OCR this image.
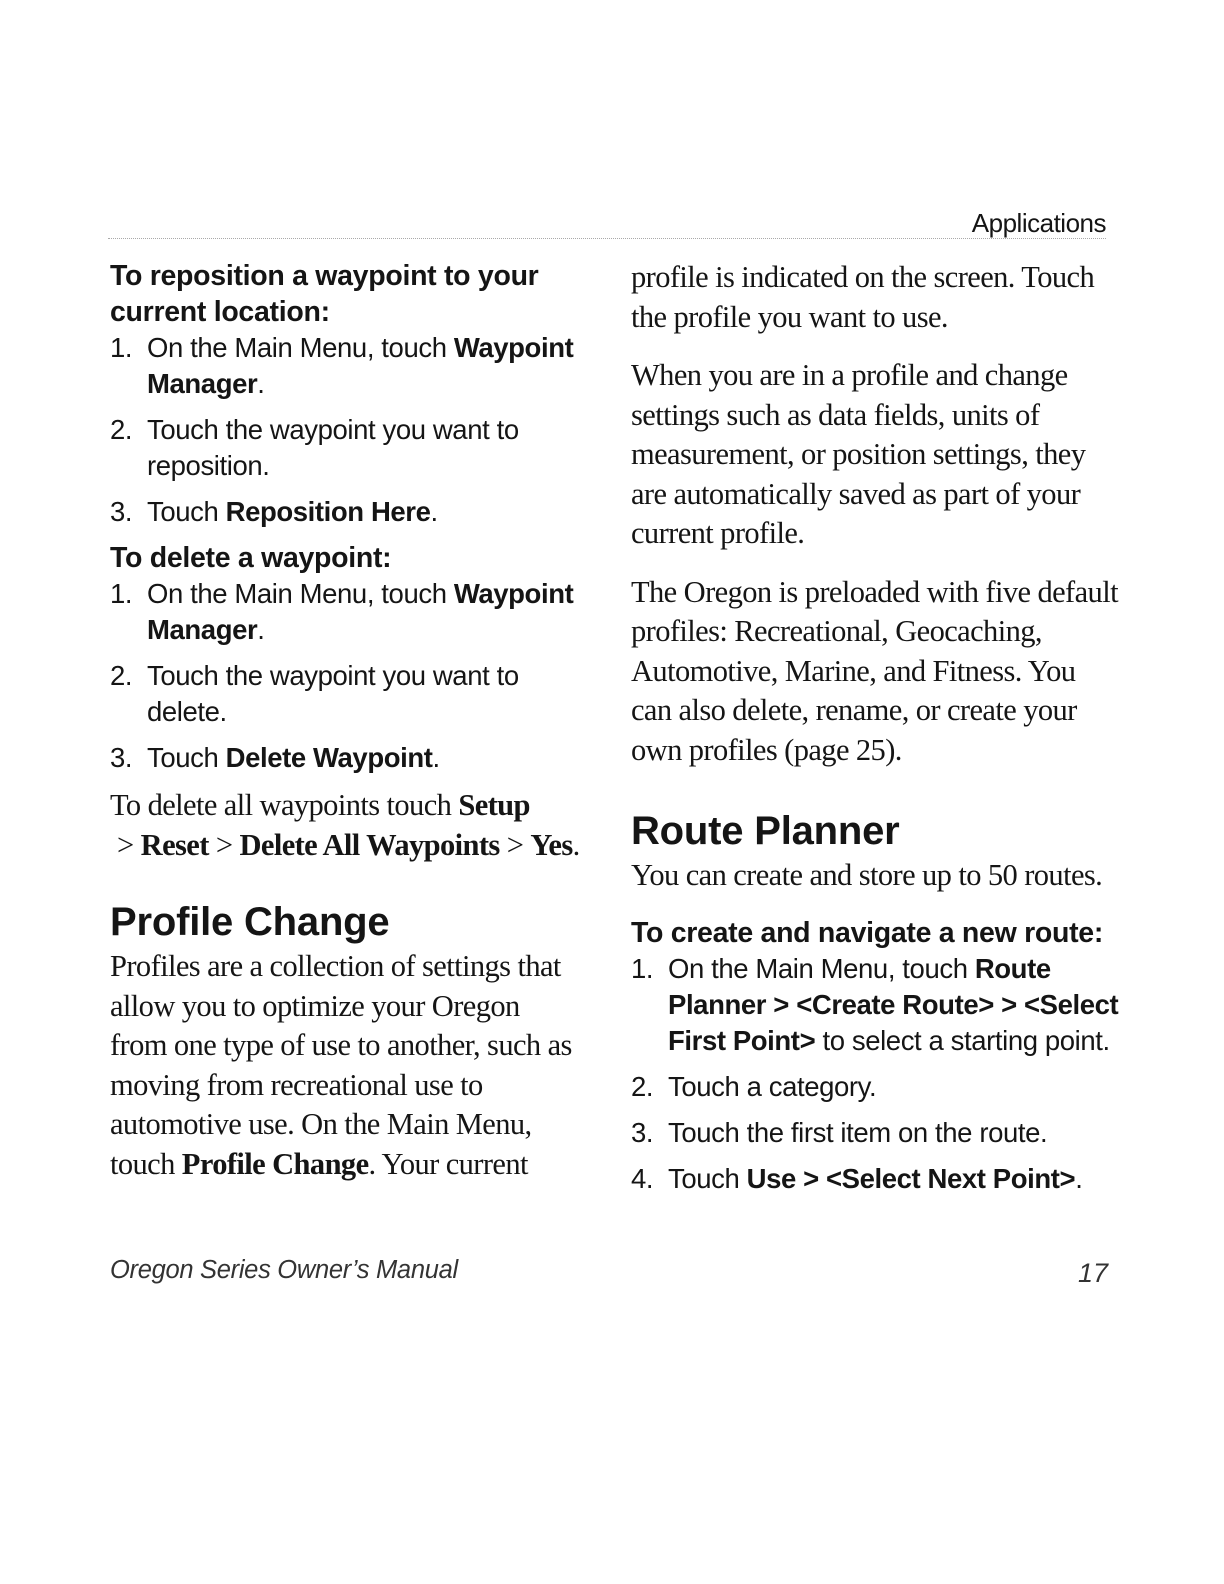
Applications

To reposition a waypoint to your current location:

1. On the Main Menu, touch Waypoint Manager.
2. Touch the waypoint you want to reposition.
3. Touch Reposition Here.

To delete a waypoint:

1. On the Main Menu, touch Waypoint Manager.
2. Touch the waypoint you want to delete.
3. Touch Delete Waypoint.

To delete all waypoints touch Setup > Reset > Delete All Waypoints > Yes.

Profile Change

Profiles are a collection of settings that allow you to optimize your Oregon from one type of use to another, such as moving from recreational use to automotive use. On the Main Menu, touch Profile Change. Your current

profile is indicated on the screen. Touch the profile you want to use.

When you are in a profile and change settings such as data fields, units of measurement, or position settings, they are automatically saved as part of your current profile.

The Oregon is preloaded with five default profiles: Recreational, Geocaching, Automotive, Marine, and Fitness. You can also delete, rename, or create your own profiles (page 25).

Route Planner

You can create and store up to 50 routes.

To create and navigate a new route:

1. On the Main Menu, touch Route Planner > <Create Route> > <Select First Point> to select a starting point.
2. Touch a category.
3. Touch the first item on the route.
4. Touch Use > <Select Next Point>.
Oregon Series Owner’s Manual	17
